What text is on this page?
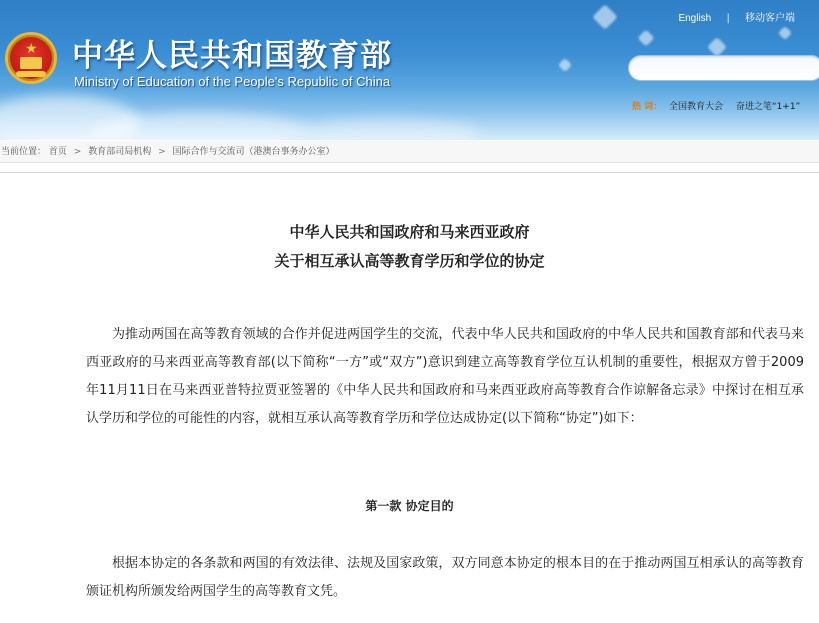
★ 中华人民共和国教育部
Ministry of Education of the People's Republic of China
English | 移动客户端
热 词： 全国教育大会 奋进之笔“1+1”
当前位置： 首页 > 教育部司局机构 > 国际合作与交流司（港澳台事务办公室）
中华人民共和国政府和马来西亚政府
关于相互承认高等教育学历和学位的协定

为推动两国在高等教育领域的合作并促进两国学生的交流，代表中华人民共和国政府的中华人民共和国教育部和代表马来西亚政府的马来西亚高等教育部(以下简称“一方”或“双方”)意识到建立高等教育学位互认机制的重要性，根据双方曾于2009年11月11日在马来西亚普特拉贾亚签署的《中华人民共和国政府和马来西亚政府高等教育合作谅解备忘录》中探讨在相互承认学历和学位的可能性的内容，就相互承认高等教育学历和学位达成协定(以下简称“协定”)如下：

第一款 协定目的

根据本协定的各条款和两国的有效法律、法规及国家政策，双方同意本协定的根本目的在于推动两国互相承认的高等教育颁证机构所颁发给两国学生的高等教育文凭。
